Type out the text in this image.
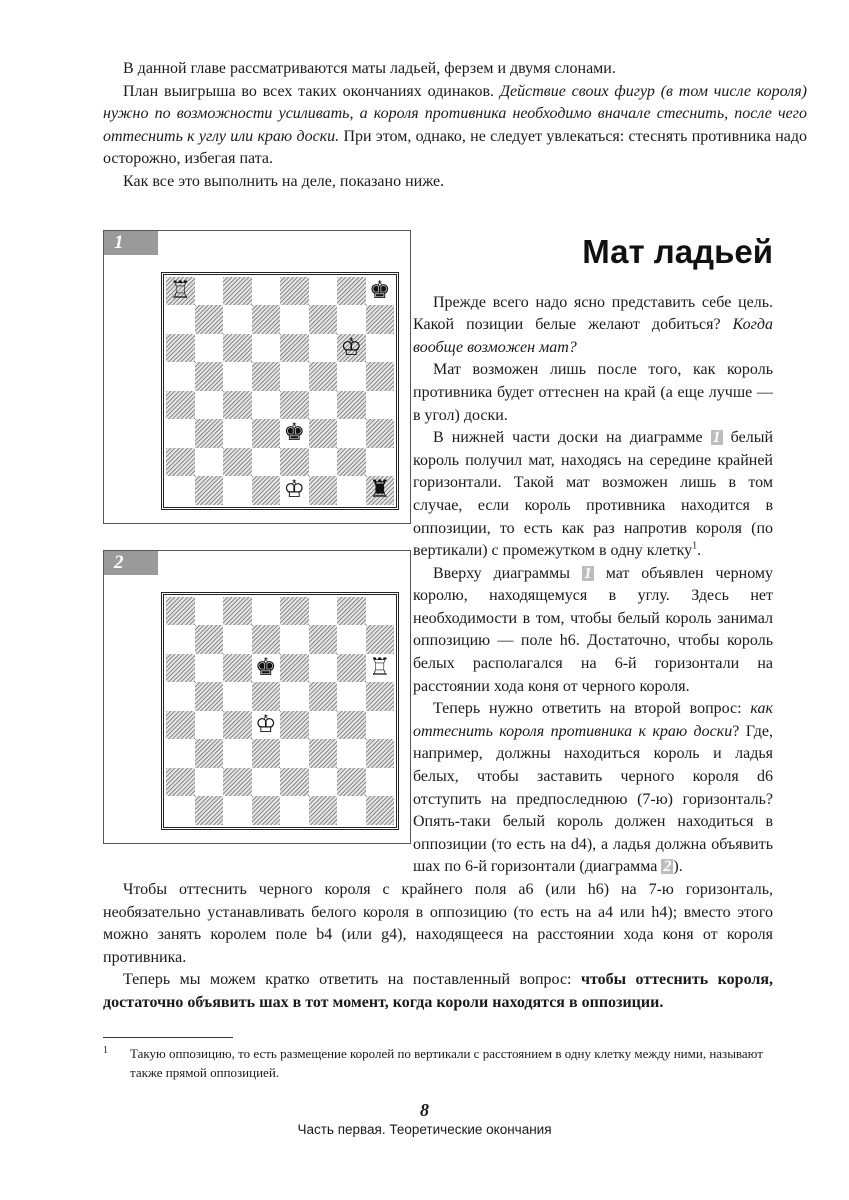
В данной главе рассматриваются маты ладьей, ферзем и двумя слонами.

План выигрыша во всех таких окончаниях одинаков. Действие своих фигур (в том числе короля) нужно по возможности усиливать, а короля противника необходимо вначале стеснить, после чего оттеснить к углу или краю доски. При этом, однако, не следует увлекаться: стеснять противника надо осторожно, избегая пата.

Как все это выполнить на деле, показано ниже.

1
♖	♚
♔
♚
♔	♜
2
♚	♖
♔
Мат ладьей

Прежде всего надо ясно представить себе цель. Какой позиции белые желают добиться? Когда вообще возможен мат?

Мат возможен лишь после того, как король противника будет оттеснен на край (а еще лучше — в угол) доски.

В нижней части доски на диаграмме 1 белый король получил мат, находясь на середине крайней горизонтали. Такой мат возможен лишь в том случае, если король противника находится в оппозиции, то есть как раз напротив короля (по вертикали) с промежутком в одну клетку$^1$.

Вверху диаграммы 1 мат объявлен черному королю, находящемуся в углу. Здесь нет необходимости в том, чтобы белый король занимал оппозицию — поле h6. Достаточно, чтобы король белых располагался на 6-й горизонтали на расстоянии хода коня от черного короля.

Теперь нужно ответить на второй вопрос: как оттеснить короля противника к краю доски? Где, например, должны находиться король и ладья белых, чтобы заставить черного короля d6 отступить на предпоследнюю (7-ю) горизонталь? Опять-таки белый король должен находиться в оппозиции (то есть на d4), а ладья должна объявить шах по 6-й горизонтали (диаграмма 2 ).

Чтобы оттеснить черного короля с крайнего поля а6 (или h6) на 7-ю горизонталь, необязательно устанавливать белого короля в оппозицию (то есть на а4 или h4); вместо этого можно занять королем поле b4 (или g4), находящееся на расстоянии хода коня от короля противника.

Теперь мы можем кратко ответить на поставленный вопрос: чтобы оттеснить короля, достаточно объявить шах в тот момент, когда короли находятся в оппозиции.

1 Такую оппозицию, то есть размещение королей по вертикали с расстоянием в одну клетку между ними, называют также прямой оппозицией.
8
Часть первая. Теоретические окончания
